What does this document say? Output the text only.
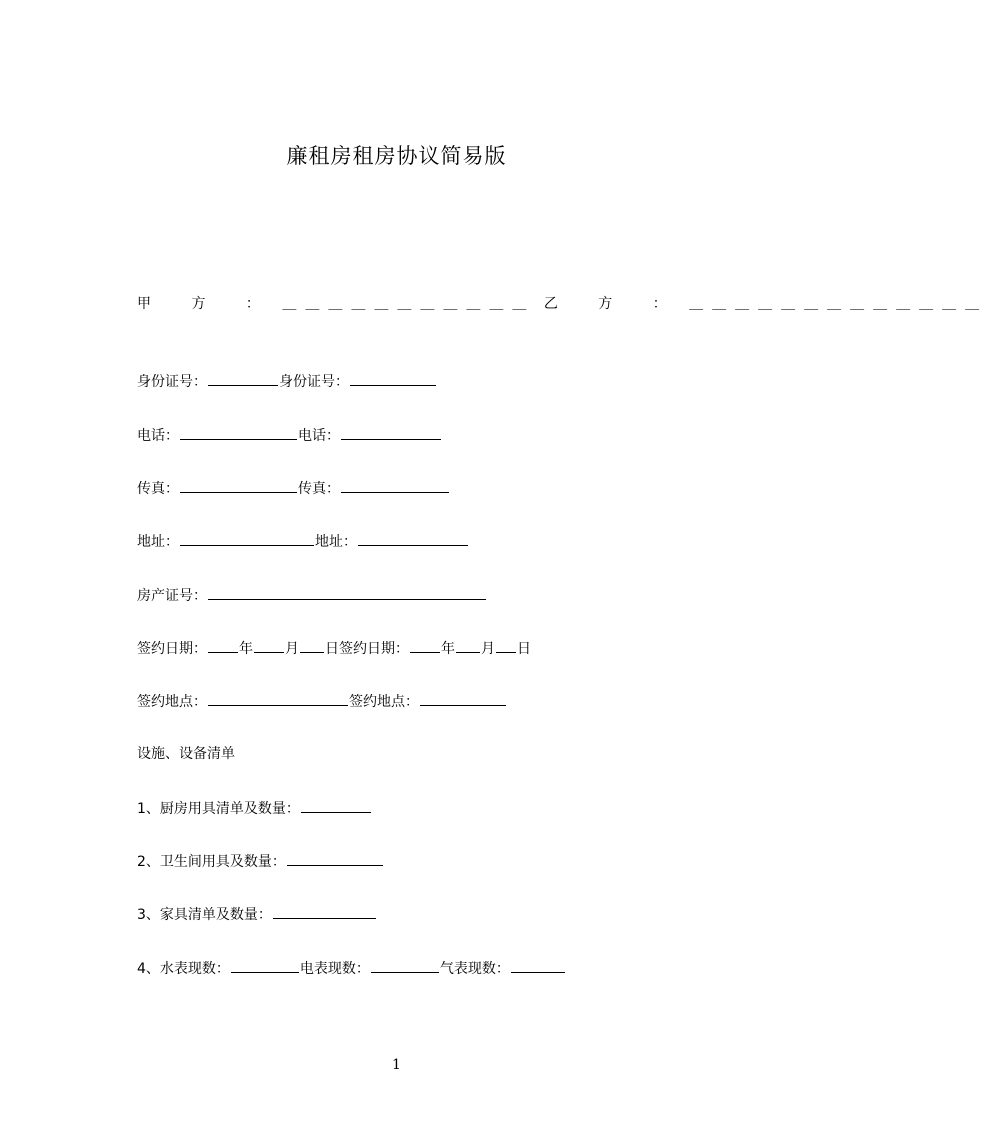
廉租房租房协议简易版
甲 方 ： ＿＿＿＿＿＿＿＿＿＿＿ 乙 方 ： ＿＿＿＿＿＿＿＿＿＿＿＿＿
身份证号：	身份证号：
电话：	电话：
传真：	传真：
地址：	地址：
房产证号：
签约日期： 年 月 日签约日期： 年 月 日
签约地点：	签约地点：
设施、设备清单
1、厨房用具清单及数量：
2、卫生间用具及数量：
3、家具清单及数量：
4、水表现数：	电表现数：	气表现数：
1
